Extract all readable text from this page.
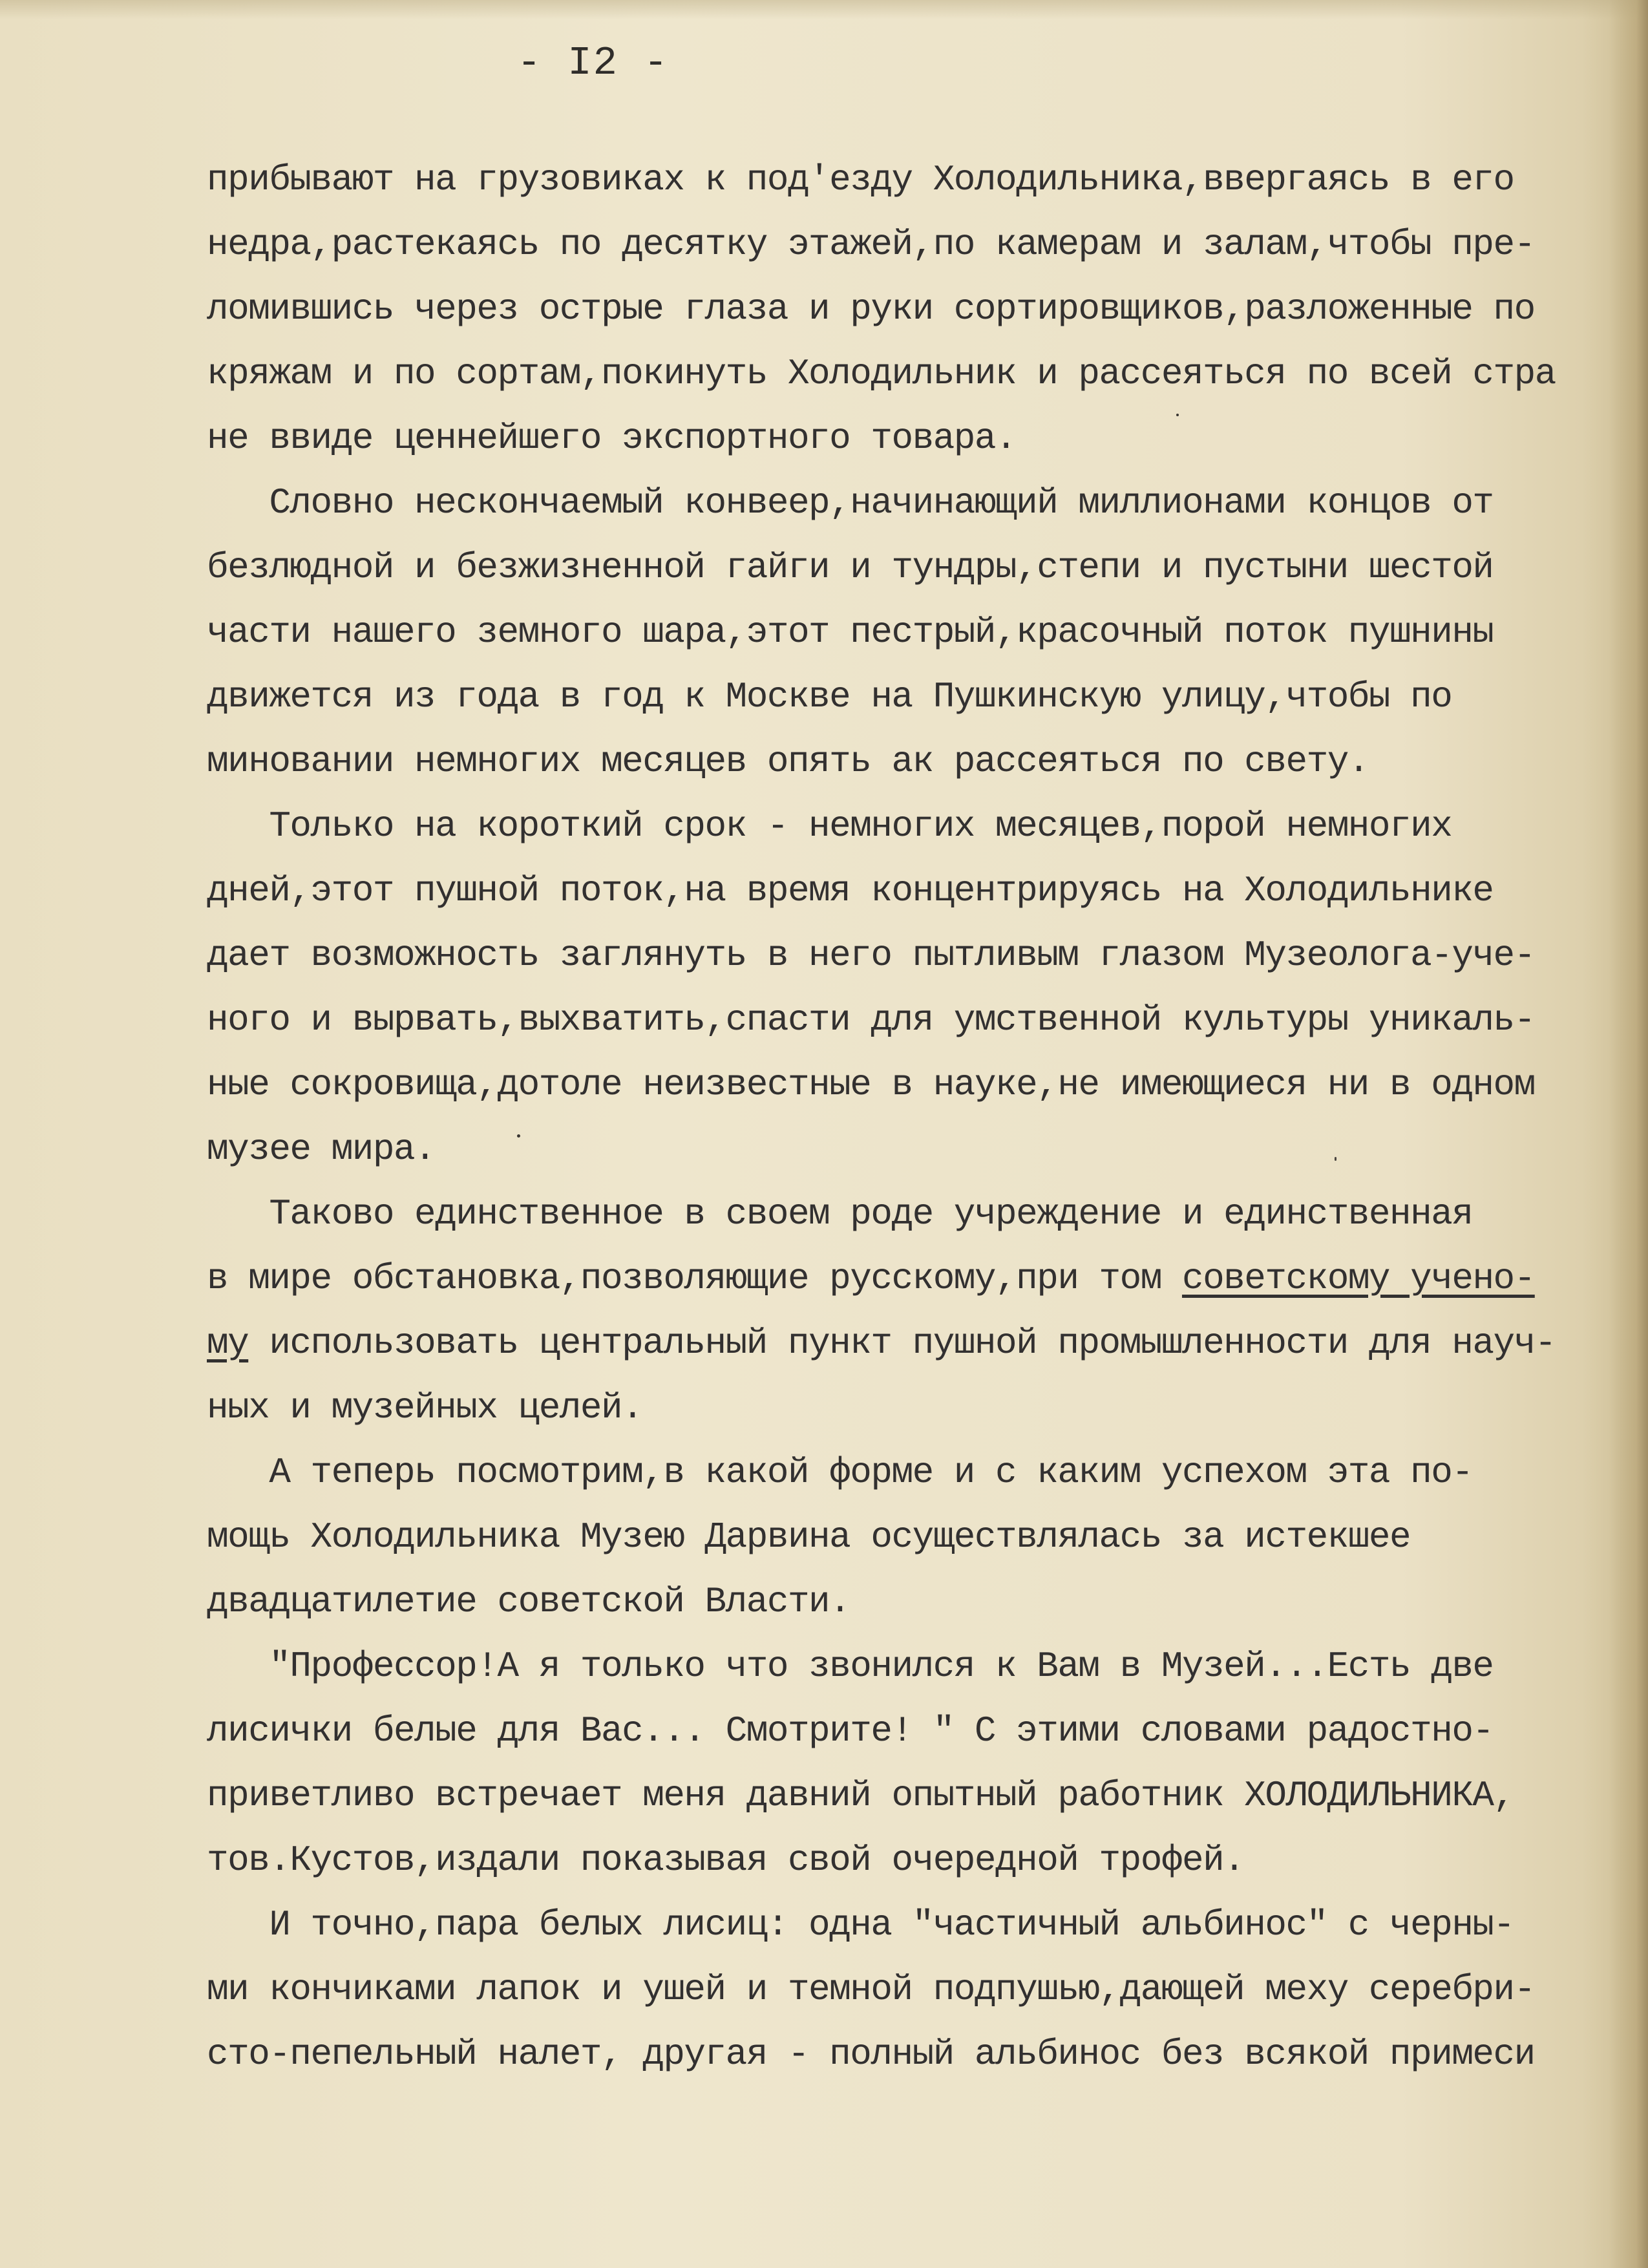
- I2 -
прибывают на грузовиках к под'езду Холодильника,ввергаясь в его
недра,растекаясь по десятку этажей,по камерам и залам,чтобы пре-
ломившись через острые глаза и руки сортировщиков,разложенные по
кряжам и по сортам,покинуть Холодильник и рассеяться по всей стра
не ввиде ценнейшего экспортного товара.
Словно нескончаемый конвеер,начинающий миллионами концов от
безлюдной и безжизненной гайги и тундры,степи и пустыни шестой
части нашего земного шара,этот пестрый,красочный поток пушнины
движется из года в год к Москве на Пушкинскую улицу,чтобы по
миновании немногих месяцев опять ак рассеяться по свету.
Только на короткий срок - немногих месяцев,порой немногих
дней,этот пушной поток,на время концентрируясь на Холодильнике
дает возможность заглянуть в него пытливым глазом Музеолога-уче-
ного и вырвать,выхватить,спасти для умственной культуры уникаль-
ные сокровища,дотоле неизвестные в науке,не имеющиеся ни в одном
музее мира.
Таково единственное в своем роде учреждение и единственная
в мире обстановка,позволяющие русскому,при том советскому учено-
му использовать центральный пункт пушной промышленности для науч-
ных и музейных целей.
А теперь посмотрим,в какой форме и с каким успехом эта по-
мощь Холодильника Музею Дарвина осуществлялась за истекшее
двадцатилетие советской Власти.
"Профессор!А я только что звонился к Вам в Музей...Есть две
лисички белые для Вас... Смотрите! " С этими словами радостно-
приветливо встречает меня давний опытный работник ХОЛОДИЛЬНИКА,
тов.Кустов,издали показывая свой очередной трофей.
И точно,пара белых лисиц: одна "частичный альбинос" с черны-
ми кончиками лапок и ушей и темной подпушью,дающей меху серебри-
сто-пепельный налет, другая - полный альбинос без всякой примеси
